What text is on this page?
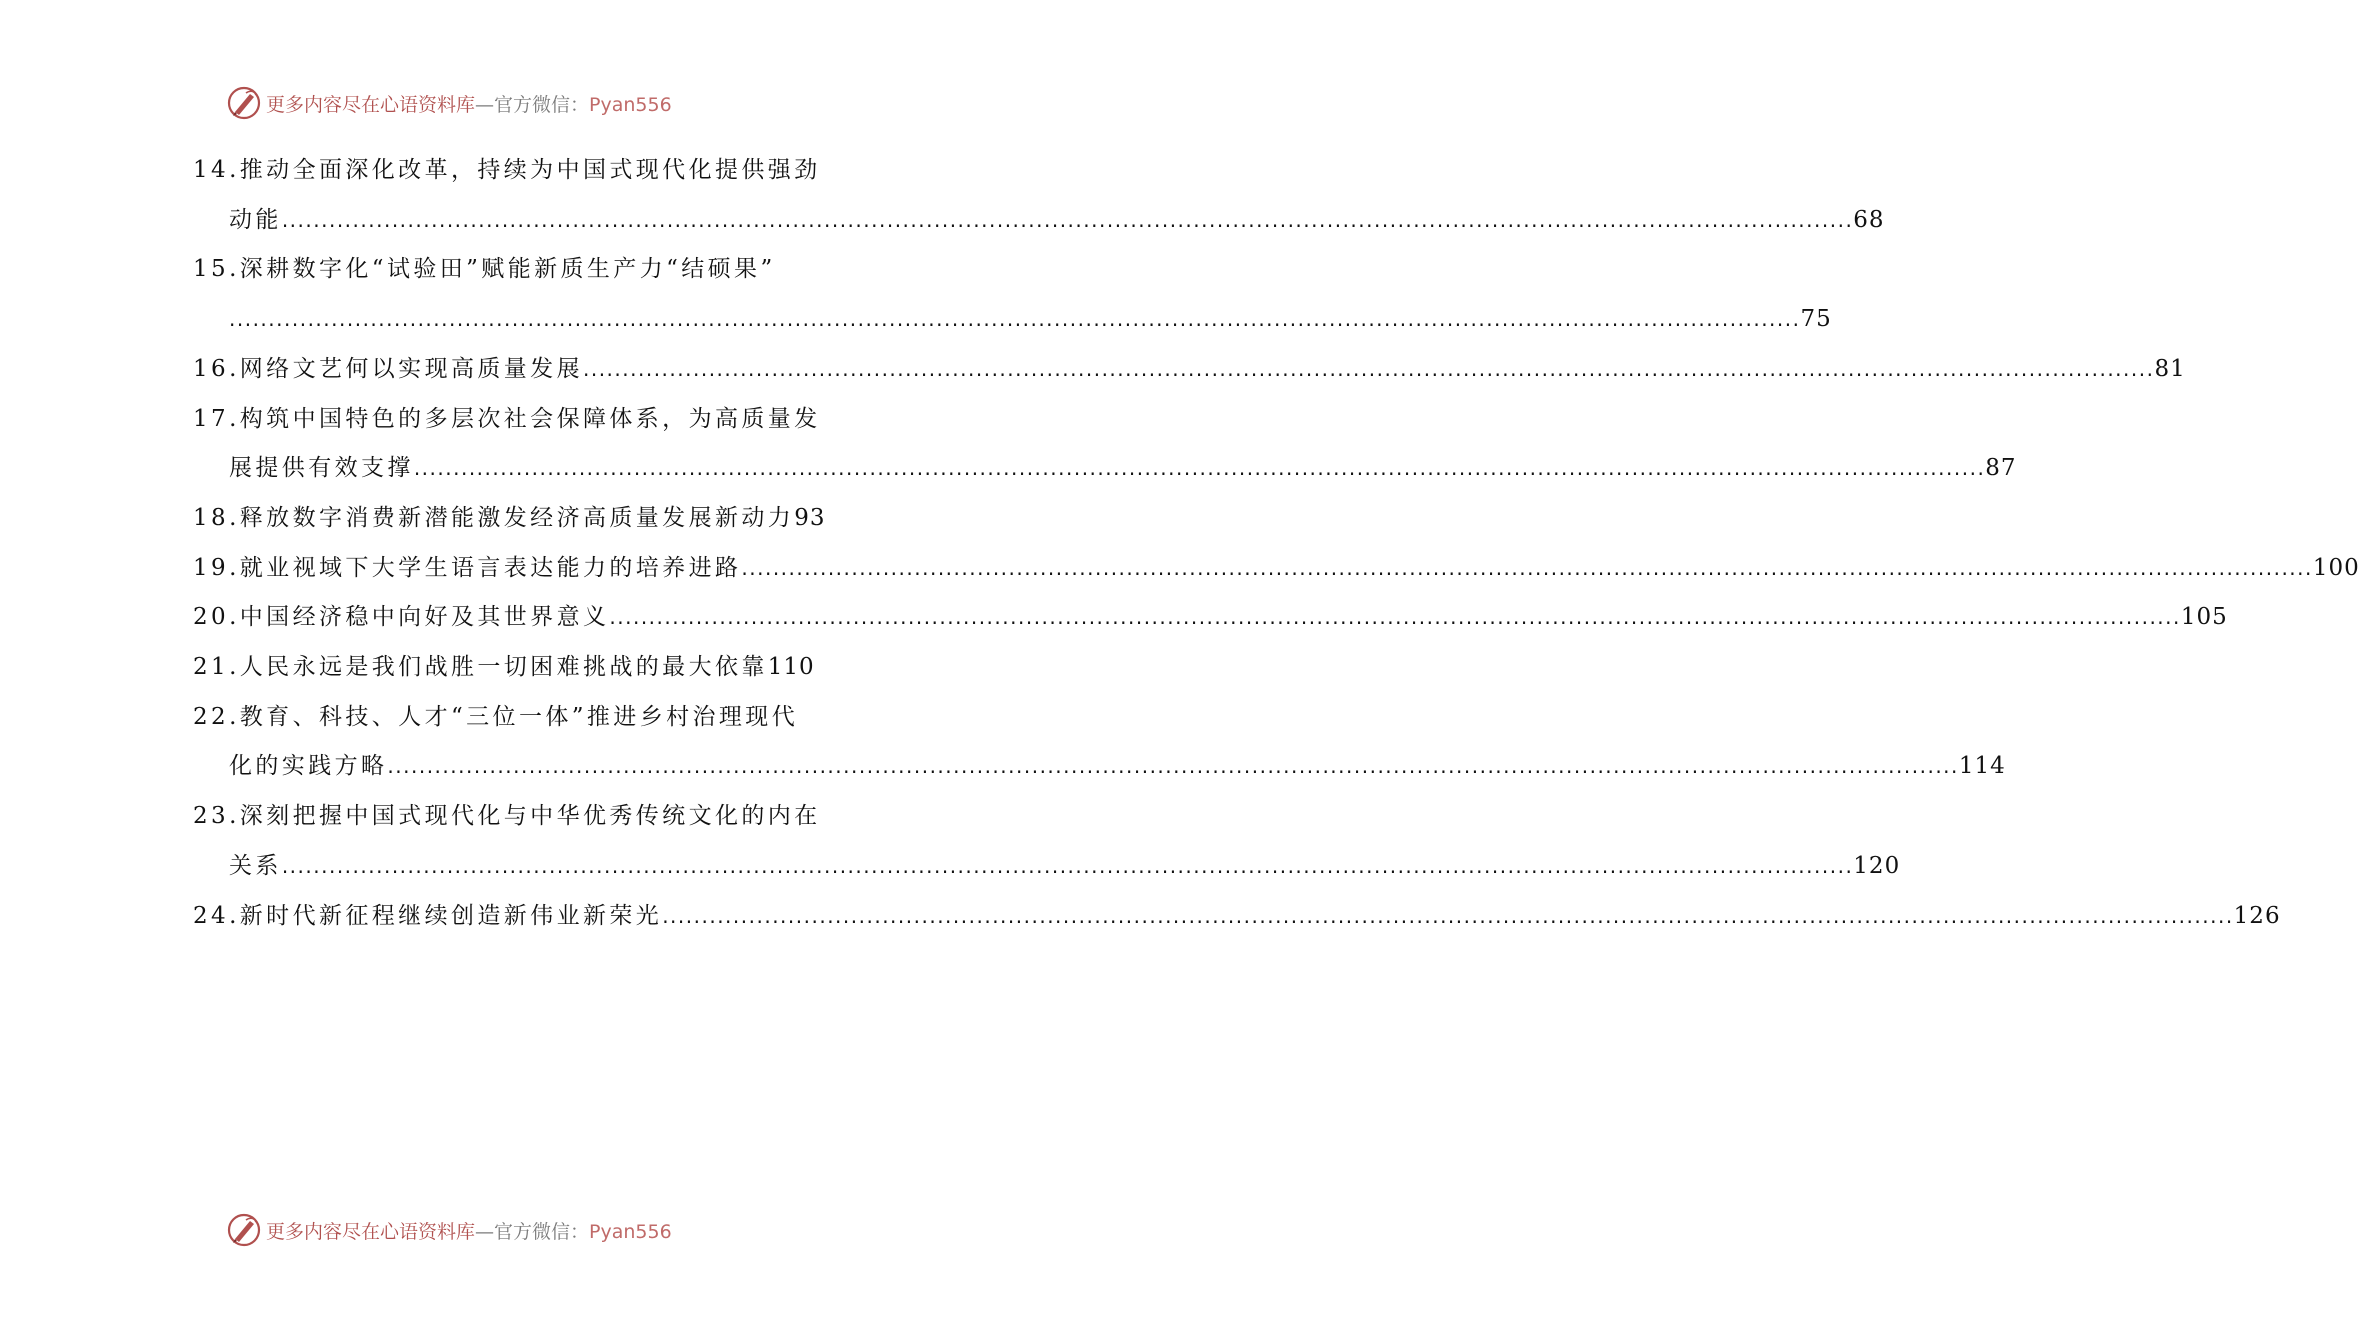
更多内容尽在心语资料库—官方微信：Pyan556
14.推动全面深化改革，持续为中国式现代化提供强劲
动能 ........................................................................................................................................................................................................ 68
15.深耕数字化“试验田”赋能新质生产力“结硕果”
........................................................................................................................................................................................................ 75
16.网络文艺何以实现高质量发展 ........................................................................................................................................................................................................ 81
17.构筑中国特色的多层次社会保障体系，为高质量发
展提供有效支撑 ........................................................................................................................................................................................................ 87
18.释放数字消费新潜能激发经济高质量发展新动力 93
19.就业视域下大学生语言表达能力的培养进路 ........................................................................................................................................................................................................ 100
20.中国经济稳中向好及其世界意义 ........................................................................................................................................................................................................ 105
21.人民永远是我们战胜一切困难挑战的最大依靠 110
22.教育、科技、人才“三位一体”推进乡村治理现代
化的实践方略 ........................................................................................................................................................................................................ 114
23.深刻把握中国式现代化与中华优秀传统文化的内在
关系 ........................................................................................................................................................................................................ 120
24.新时代新征程继续创造新伟业新荣光 ........................................................................................................................................................................................................ 126
更多内容尽在心语资料库—官方微信：Pyan556
